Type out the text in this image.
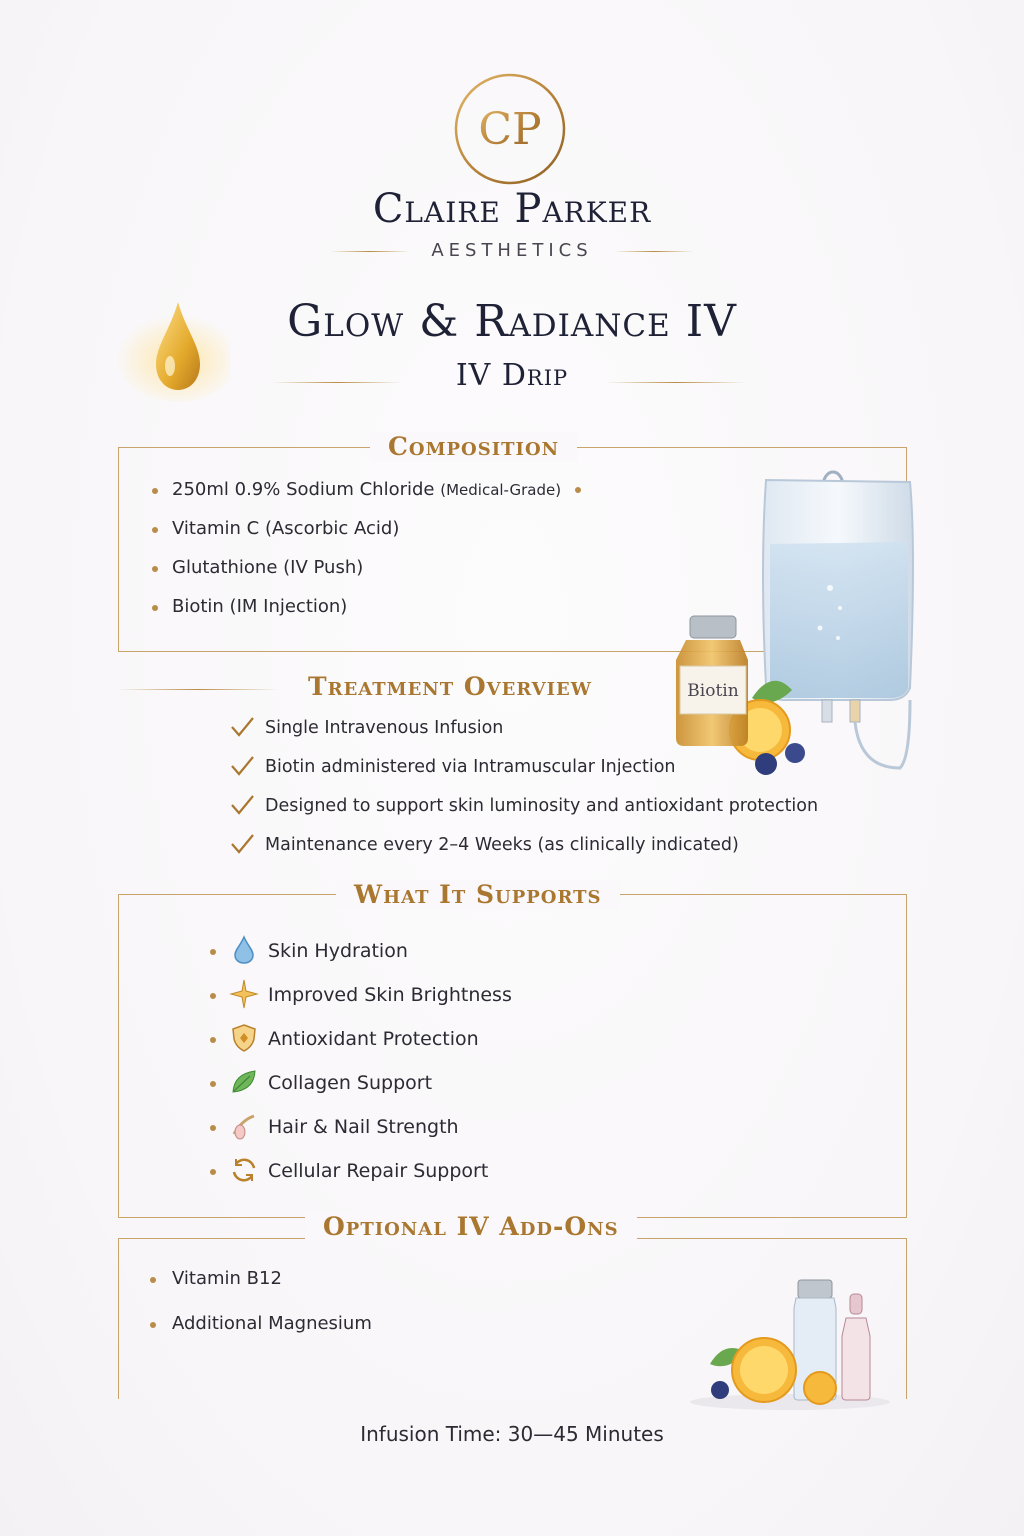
CP
Claire Parker
AESTHETICS
Glow & Radiance IV
IV Drip
Composition
250ml 0.9% Sodium Chloride (Medical-Grade)
Vitamin C (Ascorbic Acid)
Glutathione (IV Push)
Biotin (IM Injection)
Biotin
Treatment Overview
Single Intravenous Infusion
Biotin administered via Intramuscular Injection
Designed to support skin luminosity and antioxidant protection
Maintenance every 2–4 Weeks (as clinically indicated)
What It Supports
Skin Hydration
Improved Skin Brightness
Antioxidant Protection
Collagen Support
Hair & Nail Strength
Cellular Repair Support
Optional IV Add-Ons
Vitamin B12
Additional Magnesium
Infusion Time: 30—45 Minutes
